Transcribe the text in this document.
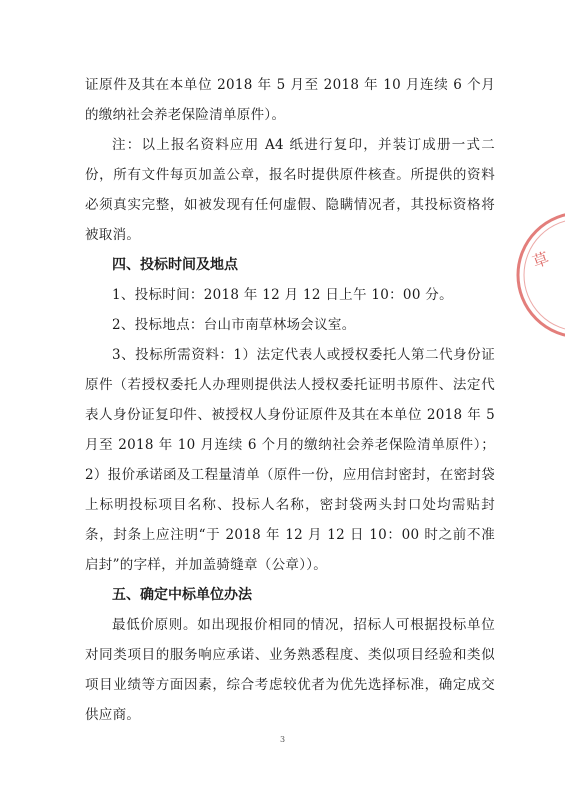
证原件及其在本单位 2018 年 5 月至 2018 年 10 月连续 6 个月的缴纳社会养老保险清单原件）。

注：以上报名资料应用 A4 纸进行复印，并装订成册一式二份，所有文件每页加盖公章，报名时提供原件核查。所提供的资料必须真实完整，如被发现有任何虚假、隐瞒情况者，其投标资格将被取消。

四、投标时间及地点

1、投标时间：2018 年 12 月 12 日上午 10：00 分。

2、投标地点：台山市南草林场会议室。

3、投标所需资料：1）法定代表人或授权委托人第二代身份证原件（若授权委托人办理则提供法人授权委托证明书原件、法定代表人身份证复印件、被授权人身份证原件及其在本单位 2018 年 5 月至 2018 年 10 月连续 6 个月的缴纳社会养老保险清单原件）；2）报价承诺函及工程量清单（原件一份，应用信封密封，在密封袋上标明投标项目名称、投标人名称，密封袋两头封口处均需贴封条，封条上应注明“于 2018 年 12 月 12 日 10：00 时之前不准启封”的字样，并加盖骑缝章（公章））。

五、确定中标单位办法

最低价原则。如出现报价相同的情况，招标人可根据投标单位对同类项目的服务响应承诺、业务熟悉程度、类似项目经验和类似项目业绩等方面因素，综合考虑较优者为优先选择标准，确定成交供应商。

草
3
